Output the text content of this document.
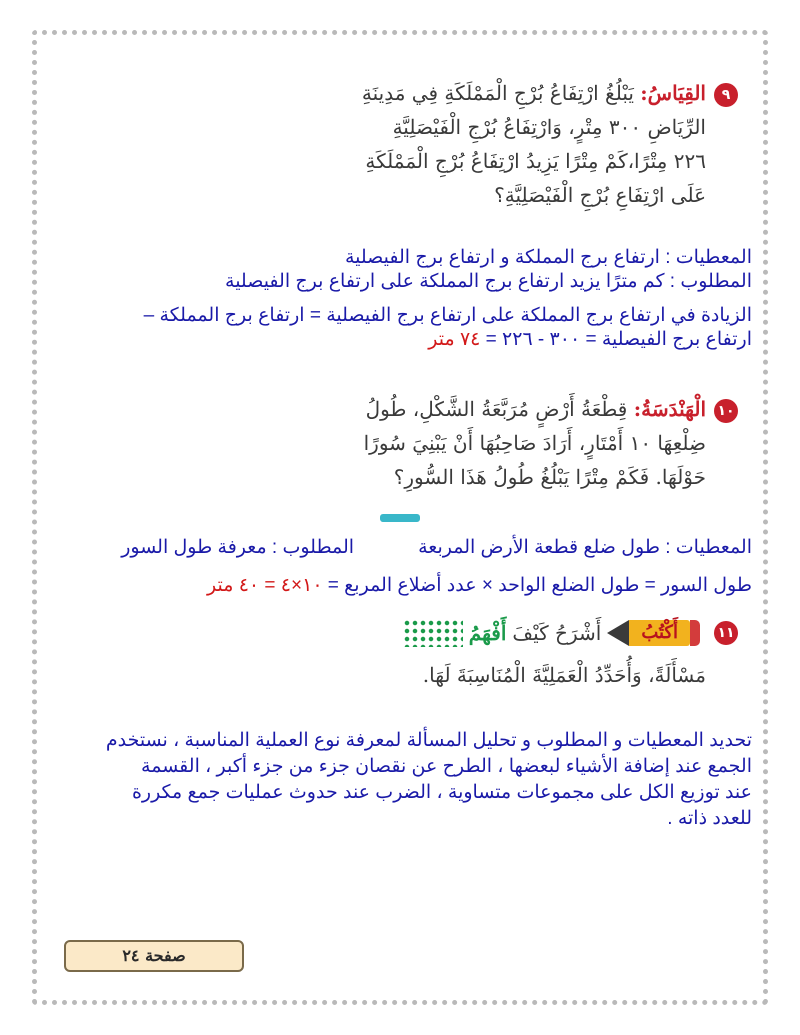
٩القِيَاسُ: يَبْلُغُ ارْتِفَاعُ بُرْجِ الْمَمْلَكَةِ فِي مَدِينَةِ
الرِّيَاضِ ٣٠٠ مِتْرٍ، وَارْتِفَاعُ بُرْجِ الْفَيْصَلِيَّةِ
٢٢٦ مِتْرًا،كَمْ مِتْرًا يَزِيدُ ارْتِفَاعُ بُرْجِ الْمَمْلَكَةِ
عَلَى ارْتِفَاعِ بُرْجِ الْفَيْصَلِيَّةِ؟
المعطيات : ارتفاع برج المملكة و ارتفاع برج الفيصلية
المطلوب : كم مترًا يزيد ارتفاع برج المملكة على ارتفاع برج الفيصلية
الزيادة في ارتفاع برج المملكة على ارتفاع برج الفيصلية = ارتفاع برج المملكة –
ارتفاع برج الفيصلية = ٣٠٠ - ٢٢٦ = ٧٤ متر
١٠الْهَنْدَسَةُ: قِطْعَةُ أَرْضٍ مُرَبَّعَةُ الشَّكْلِ، طُولُ
ضِلْعِهَا ١٠ أَمْتَارٍ، أَرَادَ صَاحِبُهَا أَنْ يَبْنِيَ سُورًا
حَوْلَهَا. فَكَمْ مِتْرًا يَبْلُغُ طُولُ هَذَا السُّورِ؟
المعطيات : طول ضلع قطعة الأرض المربعة
المطلوب : معرفة طول السور
طول السور = طول الضلع الواحد × عدد أضلاع المربع = ١٠×٤ = ٤٠ متر
١١
أَكْتُبُ
أَشْرَحُ كَيْفَ
أَفْهَمُ
مَسْأَلَةً، وَأُحَدِّدُ الْعَمَلِيَّةَ الْمُنَاسِبَةَ لَهَا.
تحديد المعطيات و المطلوب و تحليل المسألة لمعرفة نوع العملية المناسبة ، نستخدم
الجمع عند إضافة الأشياء لبعضها ، الطرح عن نقصان جزء من جزء أكبر ، القسمة
عند توزيع الكل على مجموعات متساوية ، الضرب عند حدوث عمليات جمع مكررة
للعدد ذاته .
صفحة ٢٤
